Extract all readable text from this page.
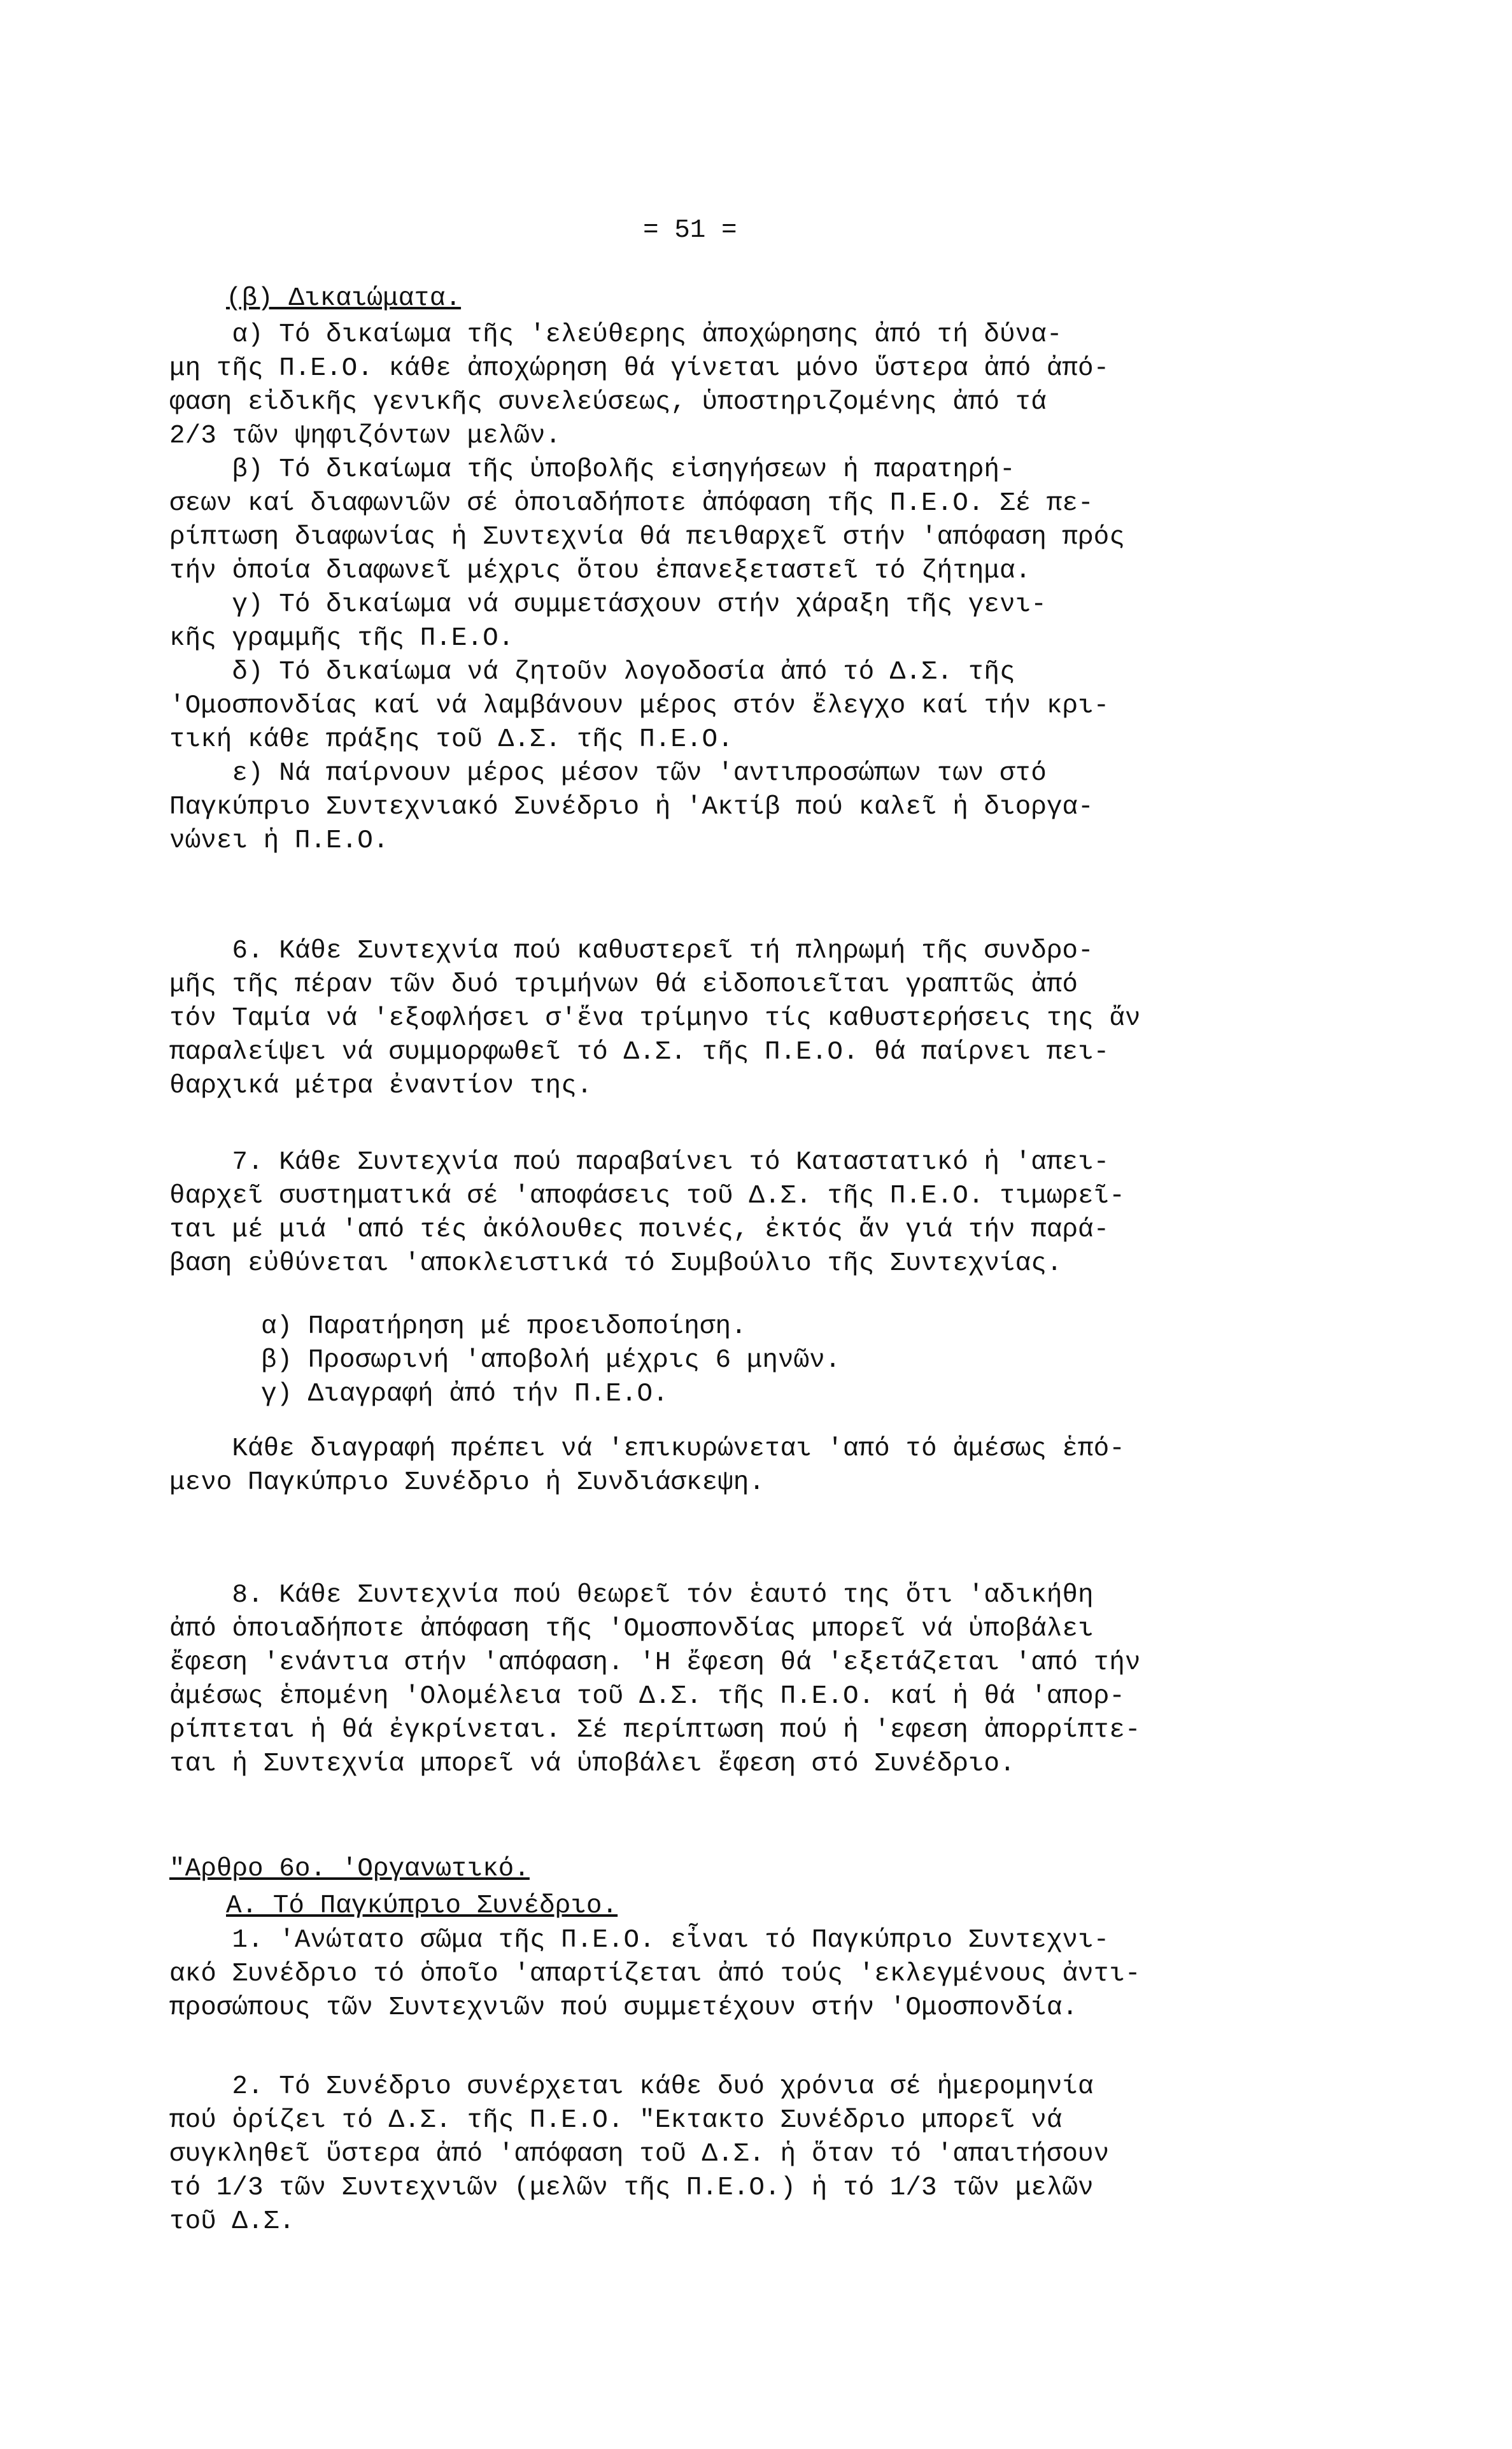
= 51 =
(β) Δικαιώματα.

α) Τό δικαίωμα τῆς 'ελεύθερης ἀποχώρησης ἀπό τή δύνα-

μη τῆς Π.Ε.Ο. κάθε ἀποχώρηση θά γίνεται μόνο ὕστερα ἀπό ἀπό-

φαση εἰδικῆς γενικῆς συνελεύσεως, ὑποστηριζομένης ἀπό τά

2/3 τῶν ψηφιζόντων μελῶν.

β) Τό δικαίωμα τῆς ὑποβολῆς εἰσηγήσεων ἡ παρατηρή-

σεων καί διαφωνιῶν σέ ὁποιαδήποτε ἀπόφαση τῆς Π.Ε.Ο. Σέ πε-

ρίπτωση διαφωνίας ἡ Συντεχνία θά πειθαρχεῖ στήν 'απόφαση πρός

τήν ὁποία διαφωνεῖ μέχρις ὅτου ἐπανεξεταστεῖ τό ζήτημα.

γ) Τό δικαίωμα νά συμμετάσχουν στήν χάραξη τῆς γενι-

κῆς γραμμῆς τῆς Π.Ε.Ο.

δ) Τό δικαίωμα νά ζητοῦν λογοδοσία ἀπό τό Δ.Σ. τῆς

'Ομοσπονδίας καί νά λαμβάνουν μέρος στόν ἔλεγχο καί τήν κρι-

τική κάθε πράξης τοῦ Δ.Σ. τῆς Π.Ε.Ο.

ε) Νά παίρνουν μέρος μέσον τῶν 'αντιπροσώπων των στό

Παγκύπριο Συντεχνιακό Συνέδριο ἡ 'Ακτίβ πού καλεῖ ἡ διοργα-

νώνει ἡ Π.Ε.Ο.

6. Κάθε Συντεχνία πού καθυστερεῖ τή πληρωμή τῆς συνδρο-

μῆς τῆς πέραν τῶν δυό τριμήνων θά εἰδοποιεῖται γραπτῶς ἀπό

τόν Ταμία νά 'εξοφλήσει σ'ἕνα τρίμηνο τίς καθυστερήσεις της ἄν

παραλείψει νά συμμορφωθεῖ τό Δ.Σ. τῆς Π.Ε.Ο. θά παίρνει πει-

θαρχικά μέτρα ἐναντίον της.

7. Κάθε Συντεχνία πού παραβαίνει τό Καταστατικό ἡ 'απει-

θαρχεῖ συστηματικά σέ 'αποφάσεις τοῦ Δ.Σ. τῆς Π.Ε.Ο. τιμωρεῖ-

ται μέ μιά 'από τές ἀκόλουθες ποινές, ἐκτός ἄν γιά τήν παρά-

βαση εὐθύνεται 'αποκλειστικά τό Συμβούλιο τῆς Συντεχνίας.

α) Παρατήρηση μέ προειδοποίηση.

β) Προσωρινή 'αποβολή μέχρις 6 μηνῶν.

γ) Διαγραφή ἀπό τήν Π.Ε.Ο.

Κάθε διαγραφή πρέπει νά 'επικυρώνεται 'από τό ἀμέσως ἑπό-

μενο Παγκύπριο Συνέδριο ἡ Συνδιάσκεψη.

8. Κάθε Συντεχνία πού θεωρεῖ τόν ἑαυτό της ὅτι 'αδικήθη

ἀπό ὁποιαδήποτε ἀπόφαση τῆς 'Ομοσπονδίας μπορεῖ νά ὑποβάλει

ἔφεση 'ενάντια στήν 'απόφαση. 'Η ἔφεση θά 'εξετάζεται 'από τήν

ἀμέσως ἑπομένη 'Ολομέλεια τοῦ Δ.Σ. τῆς Π.Ε.Ο. καί ἡ θά 'απορ-

ρίπτεται ἡ θά ἐγκρίνεται. Σέ περίπτωση πού ἡ 'εφεση ἀπορρίπτε-

ται ἡ Συντεχνία μπορεῖ νά ὑποβάλει ἔφεση στό Συνέδριο.

"Αρθρο 6ο. 'Οργανωτικό.
Α. Τό Παγκύπριο Συνέδριο.

1. 'Ανώτατο σῶμα τῆς Π.Ε.Ο. εἶναι τό Παγκύπριο Συντεχνι-

ακό Συνέδριο τό ὁποῖο 'απαρτίζεται ἀπό τούς 'εκλεγμένους ἀντι-

προσώπους τῶν Συντεχνιῶν πού συμμετέχουν στήν 'Ομοσπονδία.

2. Τό Συνέδριο συνέρχεται κάθε δυό χρόνια σέ ἡμερομηνία

πού ὁρίζει τό Δ.Σ. τῆς Π.Ε.Ο. "Εκτακτο Συνέδριο μπορεῖ νά

συγκληθεῖ ὕστερα ἀπό 'απόφαση τοῦ Δ.Σ. ἡ ὅταν τό 'απαιτήσουν

τό 1/3 τῶν Συντεχνιῶν (μελῶν τῆς Π.Ε.Ο.) ἡ τό 1/3 τῶν μελῶν

τοῦ Δ.Σ.
